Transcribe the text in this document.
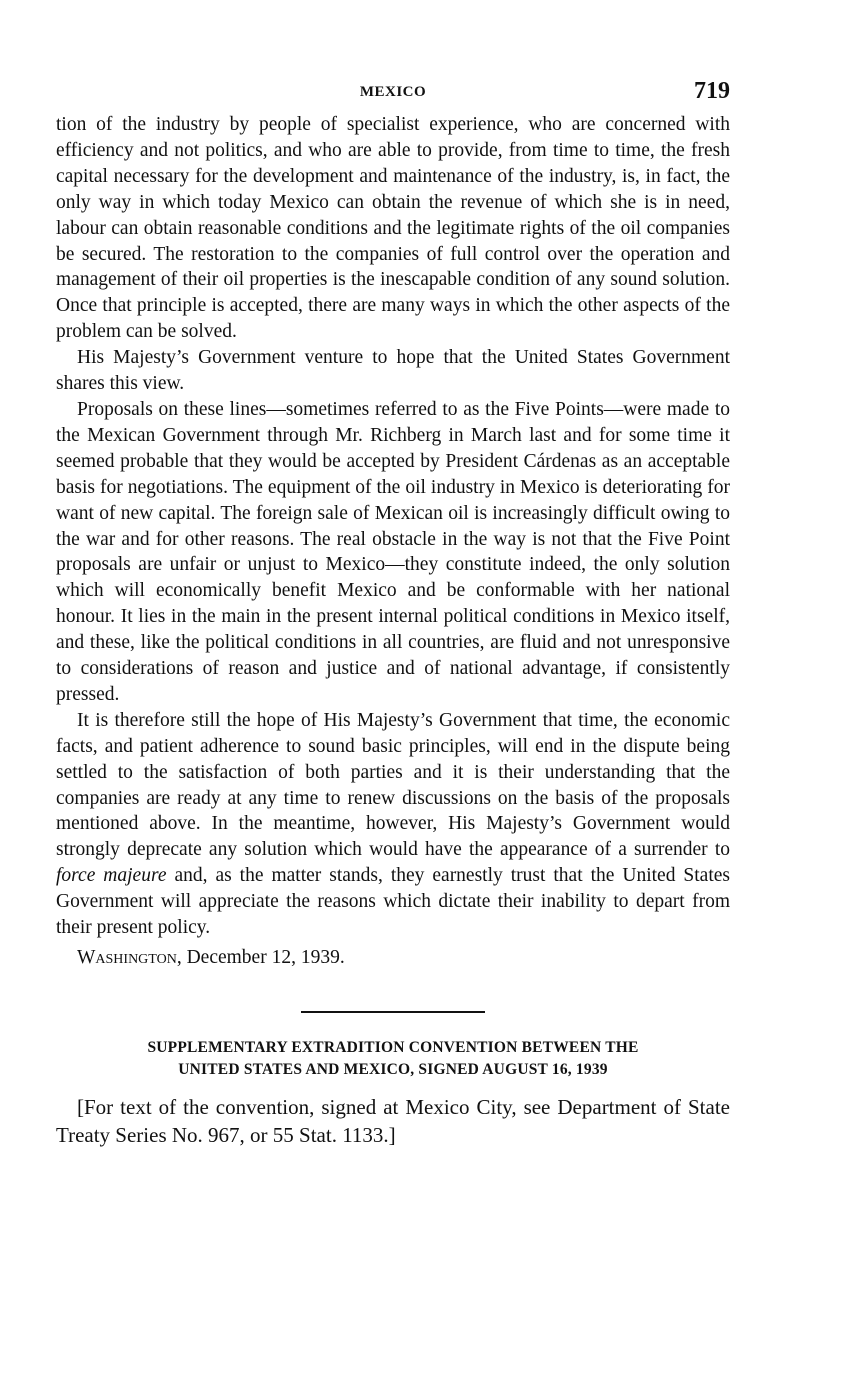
MEXICO	719

tion of the industry by people of specialist experience, who are concerned with efficiency and not politics, and who are able to provide, from time to time, the fresh capital necessary for the development and maintenance of the industry, is, in fact, the only way in which today Mexico can obtain the revenue of which she is in need, labour can obtain reasonable conditions and the legitimate rights of the oil companies be secured. The restoration to the companies of full control over the operation and management of their oil properties is the inescapable condition of any sound solution. Once that principle is accepted, there are many ways in which the other aspects of the problem can be solved.

His Majesty’s Government venture to hope that the United States Government shares this view.

Proposals on these lines—sometimes referred to as the Five Points—were made to the Mexican Government through Mr. Richberg in March last and for some time it seemed probable that they would be accepted by President Cárdenas as an acceptable basis for negotiations. The equipment of the oil industry in Mexico is deteriorating for want of new capital. The foreign sale of Mexican oil is increasingly difficult owing to the war and for other reasons. The real obstacle in the way is not that the Five Point proposals are unfair or unjust to Mexico—they constitute indeed, the only solution which will economically benefit Mexico and be conformable with her national honour. It lies in the main in the present internal political conditions in Mexico itself, and these, like the political conditions in all countries, are fluid and not unresponsive to considerations of reason and justice and of national advantage, if consistently pressed.

It is therefore still the hope of His Majesty’s Government that time, the economic facts, and patient adherence to sound basic principles, will end in the dispute being settled to the satisfaction of both parties and it is their understanding that the companies are ready at any time to renew discussions on the basis of the proposals mentioned above. In the meantime, however, His Majesty’s Government would strongly deprecate any solution which would have the appearance of a surrender to force majeure and, as the matter stands, they earnestly trust that the United States Government will appreciate the reasons which dictate their inability to depart from their present policy.

Washington, December 12, 1939.
SUPPLEMENTARY EXTRADITION CONVENTION BETWEEN THE
UNITED STATES AND MEXICO, SIGNED AUGUST 16, 1939
[For text of the convention, signed at Mexico City, see Department of State Treaty Series No. 967, or 55 Stat. 1133.]
